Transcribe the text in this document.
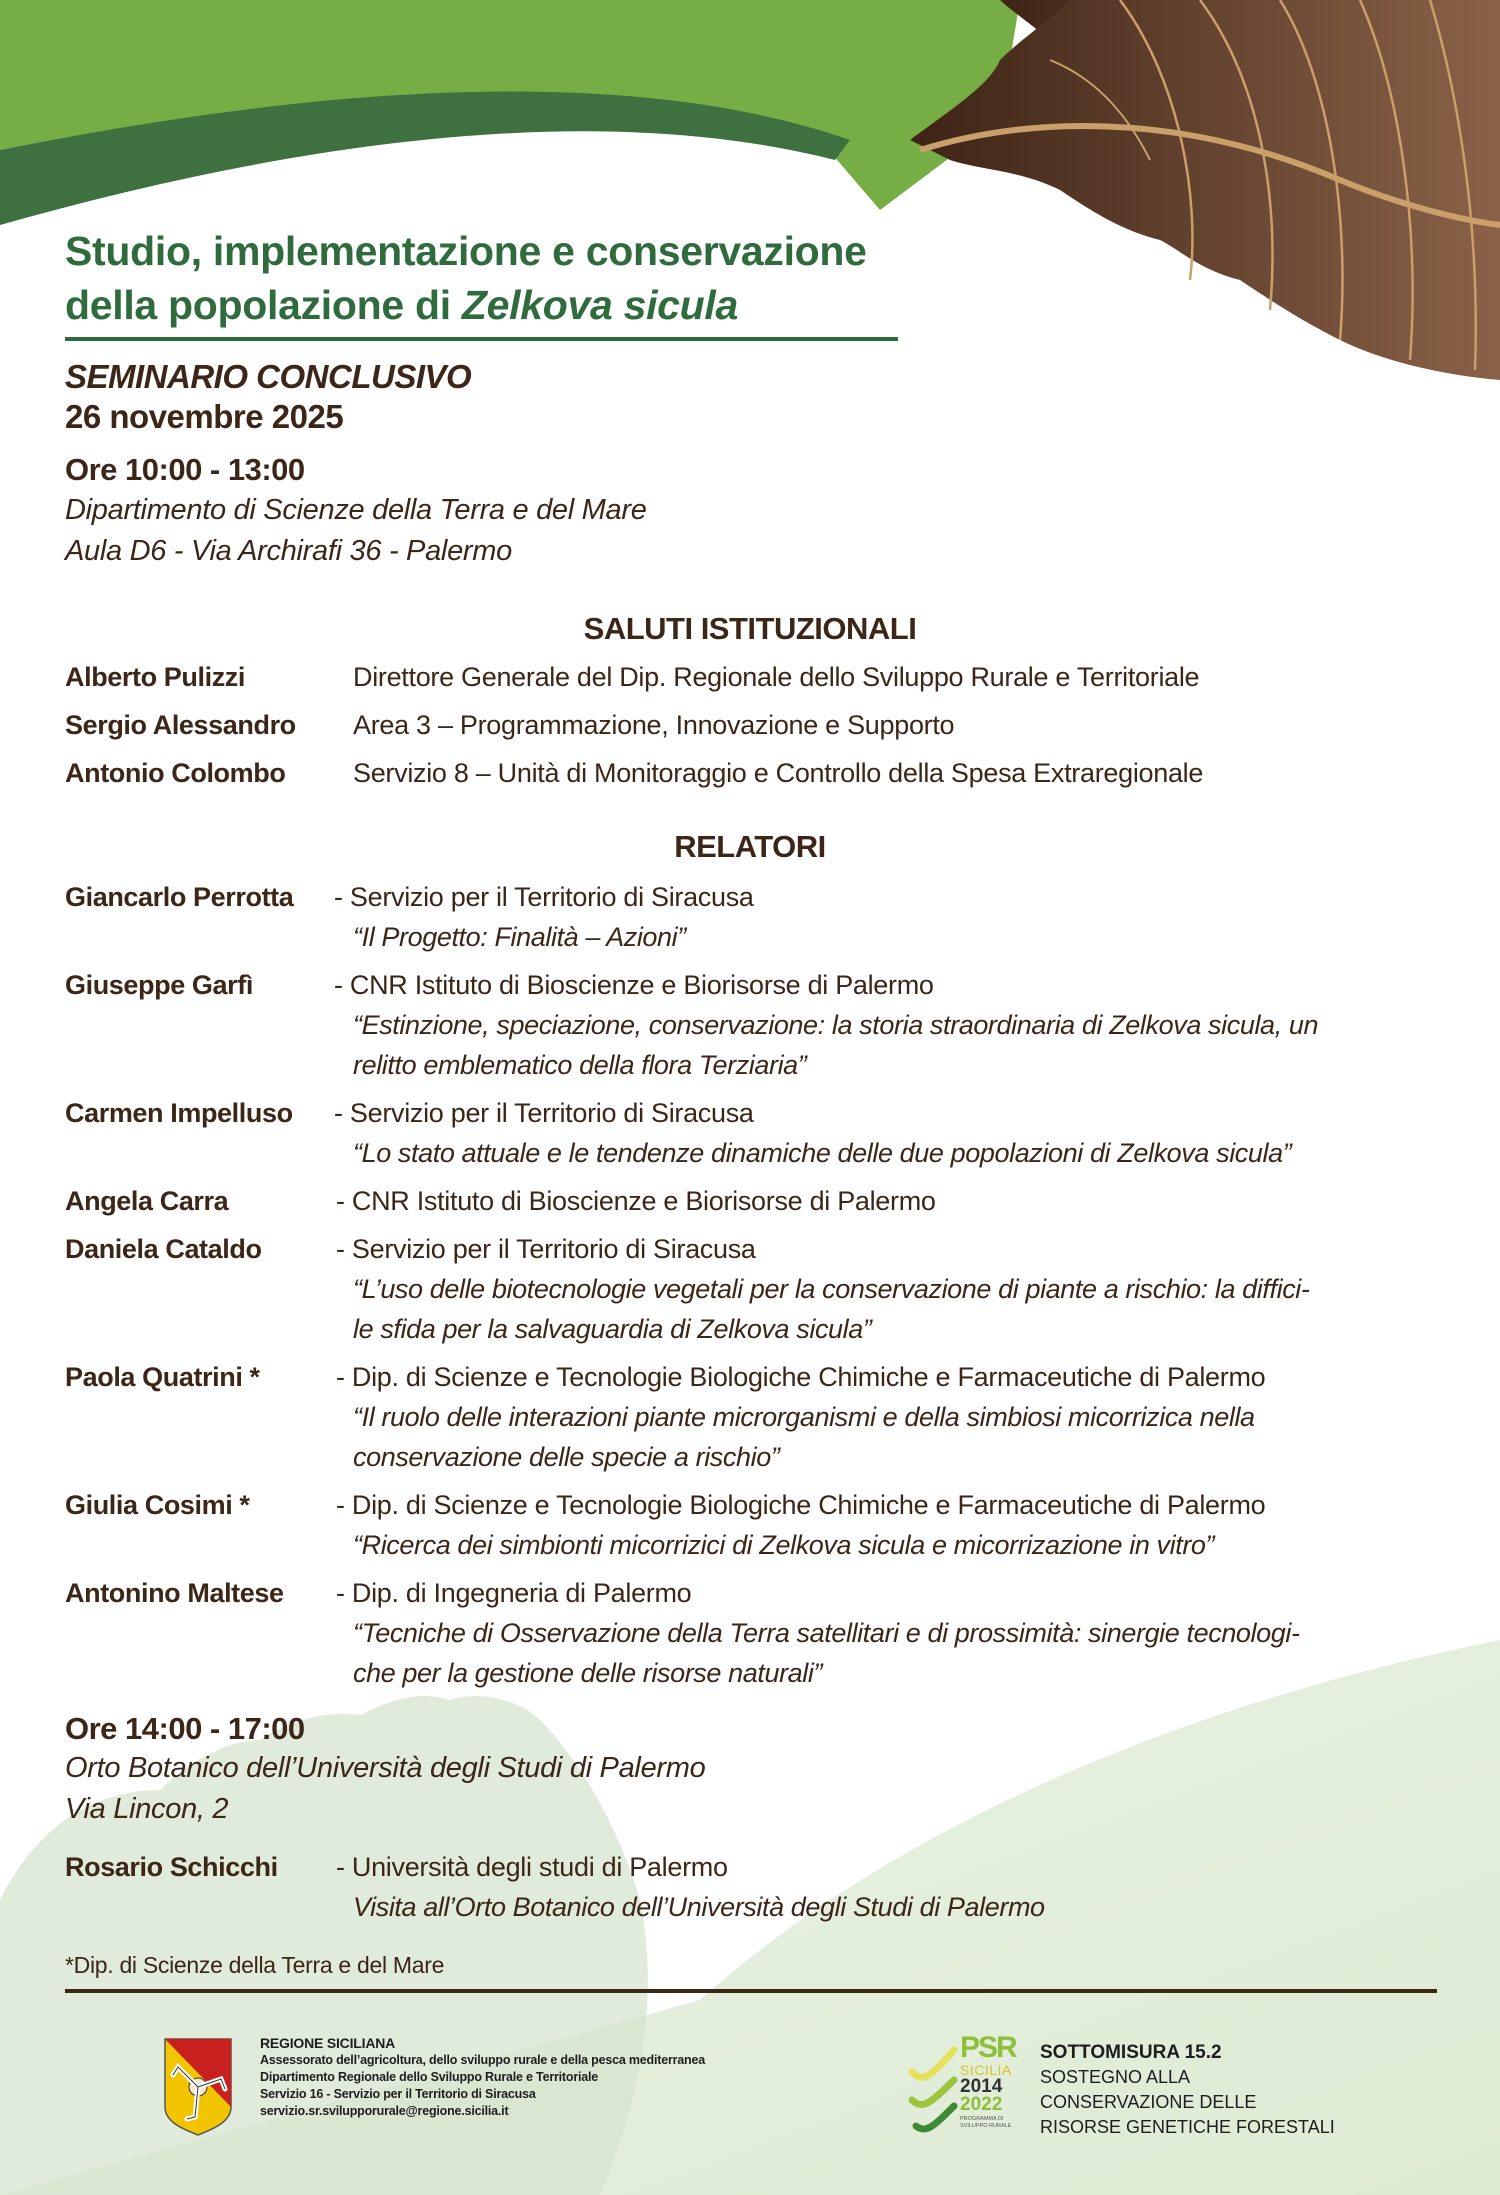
Studio, implementazione e conservazione
della popolazione di Zelkova sicula
SEMINARIO CONCLUSIVO
26 novembre 2025
Ore 10:00 - 13:00
Dipartimento di Scienze della Terra e del Mare
Aula D6 - Via Archirafi 36 - Palermo
SALUTI ISTITUZIONALI
Alberto Pulizzi	Direttore Generale del Dip. Regionale dello Sviluppo Rurale e Territoriale
Sergio Alessandro Area 3 – Programmazione, Innovazione e Supporto
Antonio Colombo	Servizio 8 – Unità di Monitoraggio e Controllo della Spesa Extraregionale
RELATORI
Giancarlo Perrotta - Servizio per il Territorio di Siracusa
“Il Progetto: Finalità – Azioni”
Giuseppe Garfì	- CNR Istituto di Bioscienze e Biorisorse di Palermo
“Estinzione, speciazione, conservazione: la storia straordinaria di Zelkova sicula, un
relitto emblematico della flora Terziaria”
Carmen Impelluso - Servizio per il Territorio di Siracusa
“Lo stato attuale e le tendenze dinamiche delle due popolazioni di Zelkova sicula”
Angela Carra	- CNR Istituto di Bioscienze e Biorisorse di Palermo
Daniela Cataldo	- Servizio per il Territorio di Siracusa
“L’uso delle biotecnologie vegetali per la conservazione di piante a rischio: la diffici-
le sfida per la salvaguardia di Zelkova sicula”
Paola Quatrini *	- Dip. di Scienze e Tecnologie Biologiche Chimiche e Farmaceutiche di Palermo
“Il ruolo delle interazioni piante microrganismi e della simbiosi micorrizica nella
conservazione delle specie a rischio”
Giulia Cosimi *	- Dip. di Scienze e Tecnologie Biologiche Chimiche e Farmaceutiche di Palermo
“Ricerca dei simbionti micorrizici di Zelkova sicula e micorrizazione in vitro”
Antonino Maltese - Dip. di Ingegneria di Palermo
“Tecniche di Osservazione della Terra satellitari e di prossimità: sinergie tecnologi-
che per la gestione delle risorse naturali”
Ore 14:00 - 17:00
Orto Botanico dell’Università degli Studi di Palermo
Via Lincon, 2
Rosario Schicchi - Università degli studi di Palermo
Visita all’Orto Botanico dell’Università degli Studi di Palermo
*Dip. di Scienze della Terra e del Mare
REGIONE SICILIANA
Assessorato dell’agricoltura, dello sviluppo rurale e della pesca mediterranea
Dipartimento Regionale dello Sviluppo Rurale e Territoriale
Servizio 16 - Servizio per il Territorio di Siracusa
servizio.sr.svilupporurale@regione.sicilia.it
PSR
SICILIA
2014
2022
PROGRAMMA DI SVILUPPO RURALE
SOTTOMISURA 15.2
SOSTEGNO ALLA
CONSERVAZIONE DELLE
RISORSE GENETICHE FORESTALI
